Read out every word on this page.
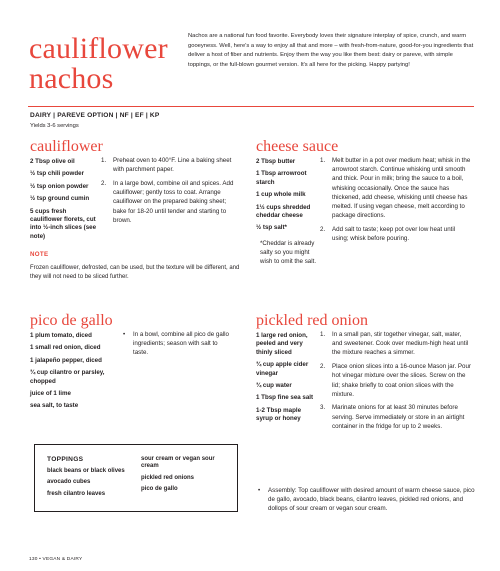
cauliflower nachos
Nachos are a national fun food favorite. Everybody loves their signature interplay of spice, crunch, and warm gooeyness. Well, here's a way to enjoy all that and more – with fresh-from-nature, good-for-you ingredients that deliver a host of fiber and nutrients. Enjoy them the way you like them best: dairy or pareve, with simple toppings, or the full-blown gourmet version. It's all here for the picking. Happy partying!
DAIRY | PAREVE OPTION | NF | EF | KP
Yields 3-6 servings
cauliflower
2 Tbsp olive oil
½ tsp chili powder
½ tsp onion powder
½ tsp ground cumin
5 cups fresh cauliflower florets, cut into ½-inch slices (see note)
1. Preheat oven to 400°F. Line a baking sheet with parchment paper.
2. In a large bowl, combine oil and spices. Add cauliflower; gently toss to coat. Arrange cauliflower on the prepared baking sheet; bake for 18-20 until tender and starting to brown.
NOTE
Frozen cauliflower, defrosted, can be used, but the texture will be different, and they will not need to be sliced further.
cheese sauce
2 Tbsp butter
1 Tbsp arrowroot starch
1 cup whole milk
1½ cups shredded cheddar cheese
½ tsp salt*
*Cheddar is already salty so you might wish to omit the salt.
1. Melt butter in a pot over medium heat; whisk in the arrowroot starch. Continue whisking until smooth and thick. Pour in milk; bring the sauce to a boil, whisking occasionally. Once the sauce has thickened, add cheese, whisking until cheese has melted. If using vegan cheese, melt according to package directions.
2. Add salt to taste; keep pot over low heat until using; whisk before pouring.
pico de gallo
1 plum tomato, diced
1 small red onion, diced
1 jalapeño pepper, diced
¾ cup cilantro or parsley, chopped
juice of 1 lime
sea salt, to taste
• In a bowl, combine all pico de gallo ingredients; season with salt to taste.
pickled red onion
1 large red onion, peeled and very thinly sliced
¾ cup apple cider vinegar
¾ cup water
1 Tbsp fine sea salt
1-2 Tbsp maple syrup or honey
1. In a small pan, stir together vinegar, salt, water, and sweetener. Cook over medium-high heat until the mixture reaches a simmer.
2. Place onion slices into a 16-ounce Mason jar. Pour hot vinegar mixture over the slices. Screw on the lid; shake briefly to coat onion slices with the mixture.
3. Marinate onions for at least 30 minutes before serving. Serve immediately or store in an airtight container in the fridge for up to 2 weeks.
• Assembly: Top cauliflower with desired amount of warm cheese sauce, pico de gallo, avocado, black beans, cilantro leaves, pickled red onions, and dollops of sour cream or vegan sour cream.
TOPPINGS
black beans or black olives
avocado cubes
fresh cilantro leaves
sour cream or vegan sour cream
pickled red onions
pico de gallo
130 • VEGAN & DAIRY
